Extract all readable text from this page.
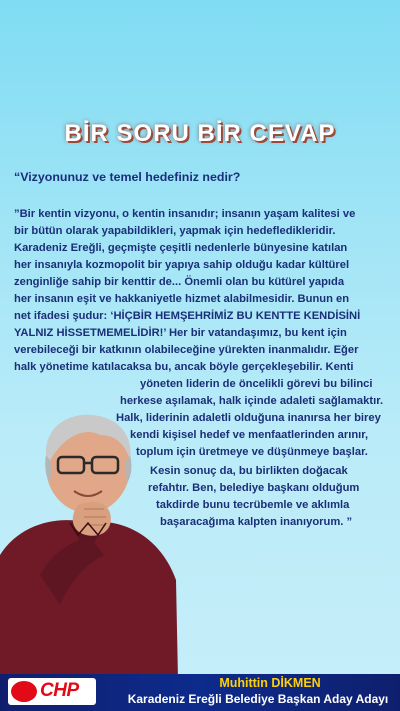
BİR SORU BİR CEVAP
“Vizyonunuz ve temel hedefiniz nedir?
”Bir kentin vizyonu, o kentin insanıdır; insanın yaşam kalitesi ve
bir bütün olarak yapabildikleri, yapmak için hedefledikleridir.
Karadeniz Ereğli, geçmişte çeşitli nedenlerle bünyesine katılan
her insanıyla kozmopolit bir yapıya sahip olduğu kadar kültürel
zenginliğe sahip bir kenttir de... Önemli olan bu kütürel yapıda
her insanın eşit ve hakkaniyetle hizmet alabilmesidir. Bunun en
net ifadesi şudur: ‘HİÇBİR HEMŞEHRİMİZ BU KENTTE KENDİSİNİ
YALNIZ HİSSETMEMELİDİR!’ Her bir vatandaşımız, bu kent için
verebileceği bir katkının olabileceğine yürekten inanmalıdır. Eğer
halk yönetime katılacaksa bu, ancak böyle gerçekleşebilir. Kenti
yöneten liderin de öncelikli görevi bu bilinci
herkese aşılamak, halk içinde adaleti sağlamaktır.
Halk, liderinin adaletli olduğuna inanırsa her birey
kendi kişisel hedef ve menfaatlerinden arınır,
toplum için üretmeye ve düşünmeye başlar.
Kesin sonuç da, bu birlikten doğacak
refahtır. Ben, belediye başkanı olduğum
takdirde bunu tecrübemle ve aklımla
başaracağıma kalpten inanıyorum. ”
CHP	Muhittin DİKMEN
Karadeniz Ereğli Belediye Başkan Aday Adayı
